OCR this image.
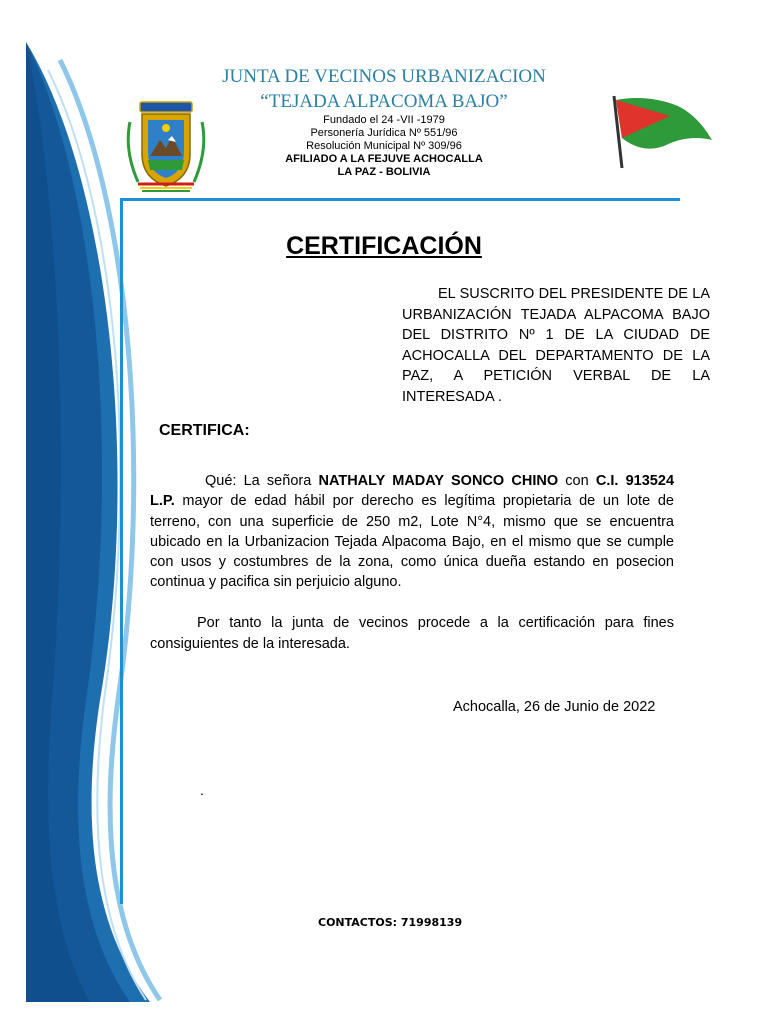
JUNTA DE VECINOS URBANIZACION
“TEJADA ALPACOMA BAJO”
Fundado el 24 -VII -1979
Personería Jurídica Nº 551/96
Resolución Municipal Nº 309/96
AFILIADO A LA FEJUVE ACHOCALLA
LA PAZ - BOLIVIA
CERTIFICACIÓN
EL SUSCRITO DEL PRESIDENTE DE LA URBANIZACIÓN TEJADA ALPACOMA BAJO DEL DISTRITO Nº 1 DE LA CIUDAD DE ACHOCALLA DEL DEPARTAMENTO DE LA PAZ, A PETICIÓN VERBAL DE LA INTERESADA .
CERTIFICA:
Qué: La señora NATHALY MADAY SONCO CHINO con C.I. 913524 L.P. mayor de edad hábil por derecho es legítima propietaria de un lote de terreno, con una superficie de 250 m2, Lote N°4, mismo que se encuentra ubicado en la Urbanizacion Tejada Alpacoma Bajo, en el mismo que se cumple con usos y costumbres de la zona, como única dueña estando en posecion continua y pacifica sin perjuicio alguno.
Por tanto la junta de vecinos procede a la certificación para fines consiguientes de la interesada.
Achocalla, 26 de Junio de 2022
.
CONTACTOS: 71998139
